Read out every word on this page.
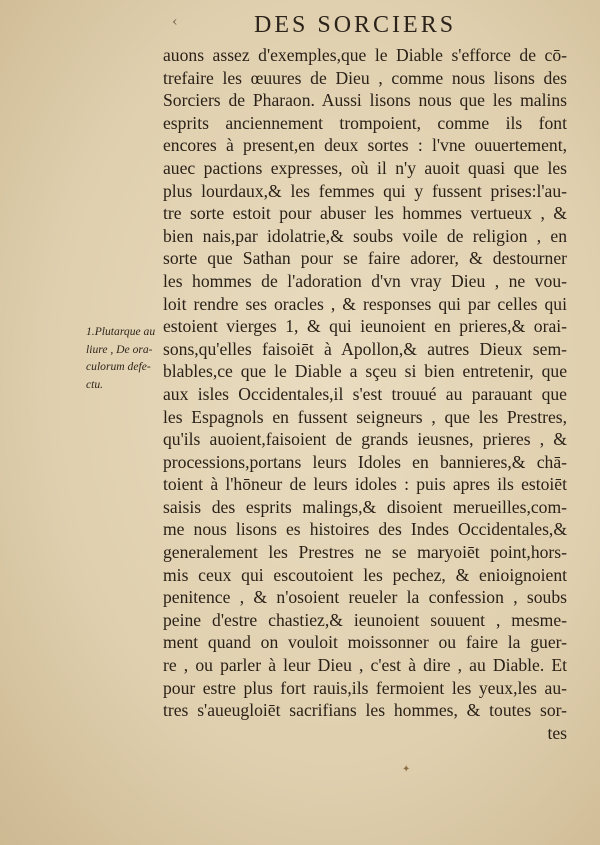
‹	DES SORCIERS
1.Plutarque au
liure , De ora-
culorum defe-
ctu.
auons assez d'exemples,que le Diable s'efforce de cō-
trefaire les œuures de Dieu , comme nous lisons des
Sorciers de Pharaon. Aussi lisons nous que les malins
esprits anciennement trompoient, comme ils font
encores à present,en deux sortes : l'vne ouuertement,
auec pactions expresses, où il n'y auoit quasi que les
plus lourdaux,& les femmes qui y fussent prises:l'au-
tre sorte estoit pour abuser les hommes vertueux , &
bien nais,par idolatrie,& soubs voile de religion , en
sorte que Sathan pour se faire adorer, & destourner
les hommes de l'adoration d'vn vray Dieu , ne vou-
loit rendre ses oracles , & responses qui par celles qui
estoient vierges 1, & qui ieunoient en prieres,& orai-
sons,qu'elles faisoiēt à Apollon,& autres Dieux sem-
blables,ce que le Diable a sçeu si bien entretenir, que
aux isles Occidentales,il s'est trouué au parauant que
les Espagnols en fussent seigneurs , que les Prestres,
qu'ils auoient,faisoient de grands ieusnes, prieres , &
processions,portans leurs Idoles en bannieres,& chā-
toient à l'hōneur de leurs idoles : puis apres ils estoiēt
saisis des esprits malings,& disoient merueilles,com-
me nous lisons es histoires des Indes Occidentales,&
generalement les Prestres ne se maryoiēt point,hors-
mis ceux qui escoutoient les pechez, & enioignoient
penitence , & n'osoient reueler la confession , soubs
peine d'estre chastiez,& ieunoient souuent , mesme-
ment quand on vouloit moissonner ou faire la guer-
re , ou parler à leur Dieu , c'est à dire , au Diable. Et
pour estre plus fort rauis,ils fermoient les yeux,les au-
tres s'aueugloiēt sacrifians les hommes, & toutes sor-
tes
✦
